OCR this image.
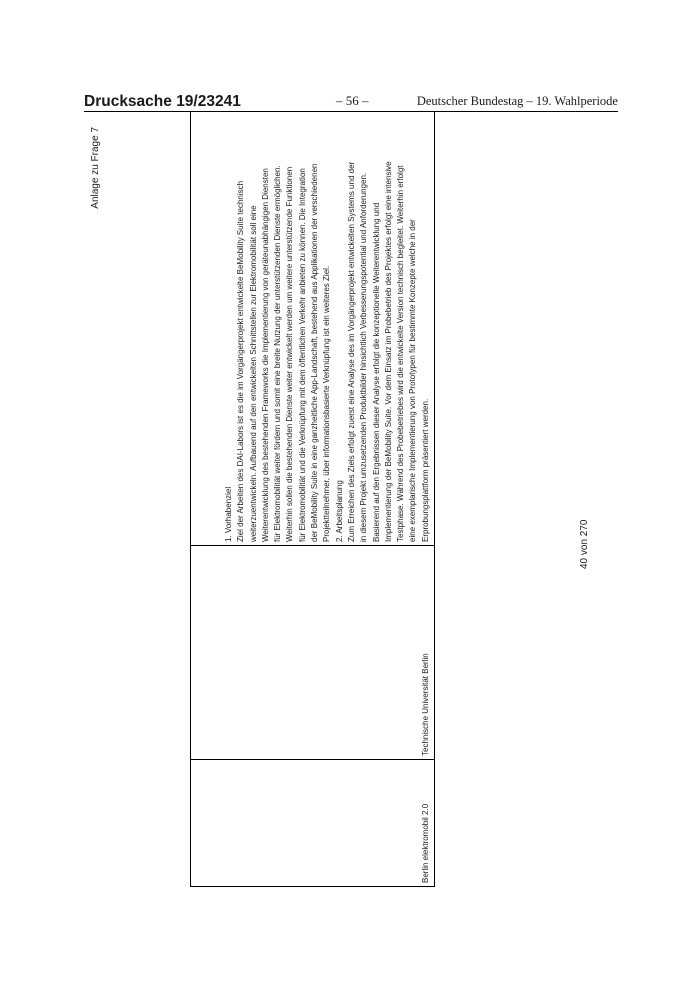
Drucksache 19/23241	– 56 –	Deutscher Bundestag – 19. Wahlperiode
Anlage zu Frage 7
Berlin elektromobil 2.0	Technische Universität Berlin	
1. Vorhabenziel Ziel der Arbeiten des DAI-Labors ist es die im Vorgängerprojekt entwickelte BeMobility Suite technisch weiterzuentwickeln. Aufbauend auf den entwickelten Schnittstellen zur Elektromobilität soll eine Weiterentwicklung des bestehenden Frameworks die Implementierung von geräteunabhängigen Diensten für Elektromobilität weiter fördern und somit eine breite Nutzung der unterstützenden Dienste ermöglichen. Weiterhin sollen die bestehenden Dienste weiter entwickelt werden um weitere unterstützende Funktionen für Elektromobilität und die Verknüpfung mit dem öffentlichen Verkehr anbieten zu können. Die Integration der BeMobility Suite in eine ganzheitliche App-Landschaft, bestehend aus Applikationen der verschiedenen Projektteilnehmer, über informationsbasierte Verknüpfung ist ein weiteres Ziel. 2. Arbeitsplanung Zum Erreichen des Ziels erfolgt zuerst eine Analyse des im Vorgängerprojekt entwickelten Systems und der in diesem Projekt umzusetzenden Produktbilder hinsichtlich Verbesserungspotential und Anforderungen. Basierend auf den Ergebnissen dieser Analyse erfolgt die konzeptionelle Weiterentwicklung und Implementierung der BeMobility Suite. Vor dem Einsatz im Probebetrieb des Projektes erfolgt eine intensive Testphase. Während des Probebetriebes wird die entwickelte Version technisch begleitet. Weiterhin erfolgt eine exemplarische Implementierung von Prototypen für bestimmte Konzepte welche in der Erprobungsplattform präsentiert werden.
40 von 270
